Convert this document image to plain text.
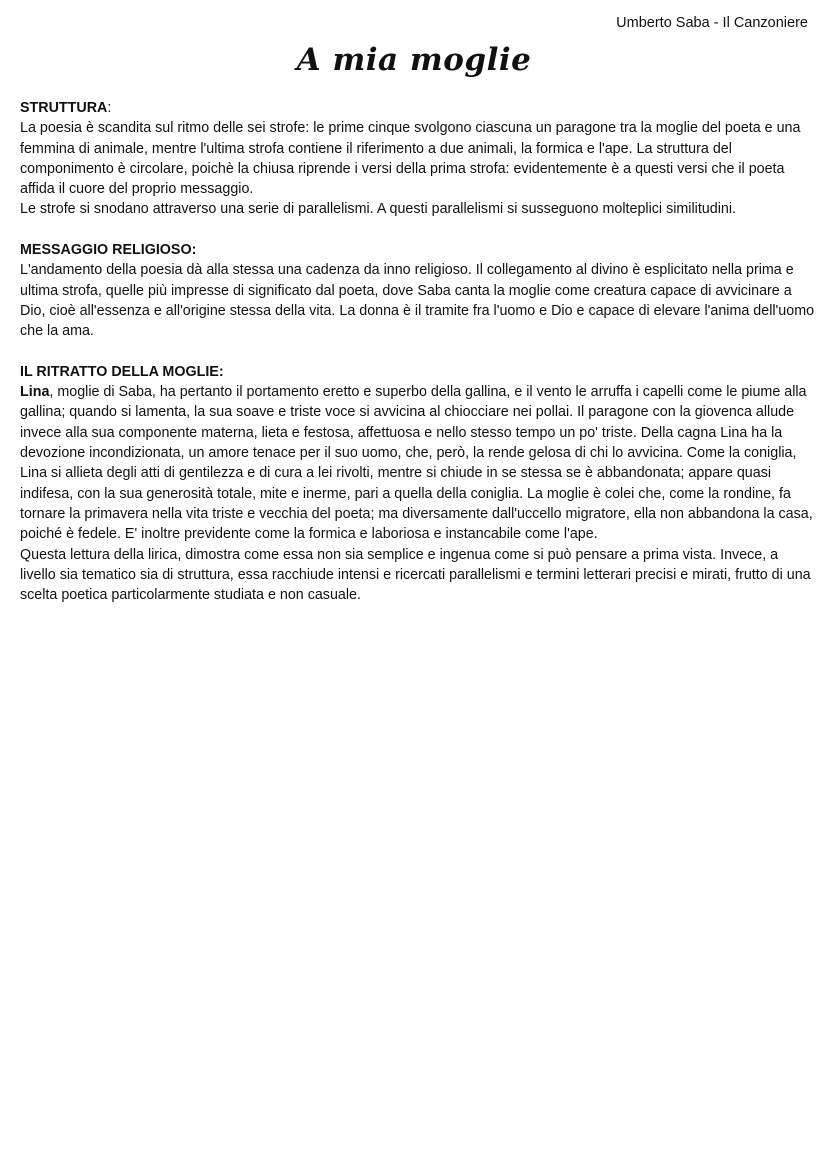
Umberto Saba - Il Canzoniere
A mia moglie
STRUTTURA:

La poesia è scandita sul ritmo delle sei strofe: le prime cinque svolgono ciascuna un paragone tra la moglie del poeta e una femmina di animale, mentre l'ultima strofa contiene il riferimento a due animali, la formica e l'ape. La struttura del componimento è circolare, poichè la chiusa riprende i versi della prima strofa: evidentemente è a questi versi che il poeta affida il cuore del proprio messaggio.

Le strofe si snodano attraverso una serie di parallelismi. A questi parallelismi si susseguono molteplici similitudini.

MESSAGGIO RELIGIOSO:

L'andamento della poesia dà alla stessa una cadenza da inno religioso. Il collegamento al divino è esplicitato nella prima e ultima strofa, quelle più impresse di significato dal poeta, dove Saba canta la moglie come creatura capace di avvicinare a Dio, cioè all'essenza e all'origine stessa della vita. La donna è il tramite fra l'uomo e Dio e capace di elevare l'anima dell'uomo che la ama.

IL RITRATTO DELLA MOGLIE:

Lina, moglie di Saba, ha pertanto il portamento eretto e superbo della gallina, e il vento le arruffa i capelli come le piume alla gallina; quando si lamenta, la sua soave e triste voce si avvicina al chiocciare nei pollai. Il paragone con la giovenca allude invece alla sua componente materna, lieta e festosa, affettuosa e nello stesso tempo un po' triste. Della cagna Lina ha la devozione incondizionata, un amore tenace per il suo uomo, che, però, la rende gelosa di chi lo avvicina. Come la coniglia, Lina si allieta degli atti di gentilezza e di cura a lei rivolti, mentre si chiude in se stessa se è abbandonata; appare quasi indifesa, con la sua generosità totale, mite e inerme, pari a quella della coniglia. La moglie è colei che, come la rondine, fa tornare la primavera nella vita triste e vecchia del poeta; ma diversamente dall'uccello migratore, ella non abbandona la casa, poiché è fedele. E' inoltre previdente come la formica e laboriosa e instancabile come l'ape.

Questa lettura della lirica, dimostra come essa non sia semplice e ingenua come si può pensare a prima vista. Invece, a livello sia tematico sia di struttura, essa racchiude intensi e ricercati parallelismi e termini letterari precisi e mirati, frutto di una scelta poetica particolarmente studiata e non casuale.
